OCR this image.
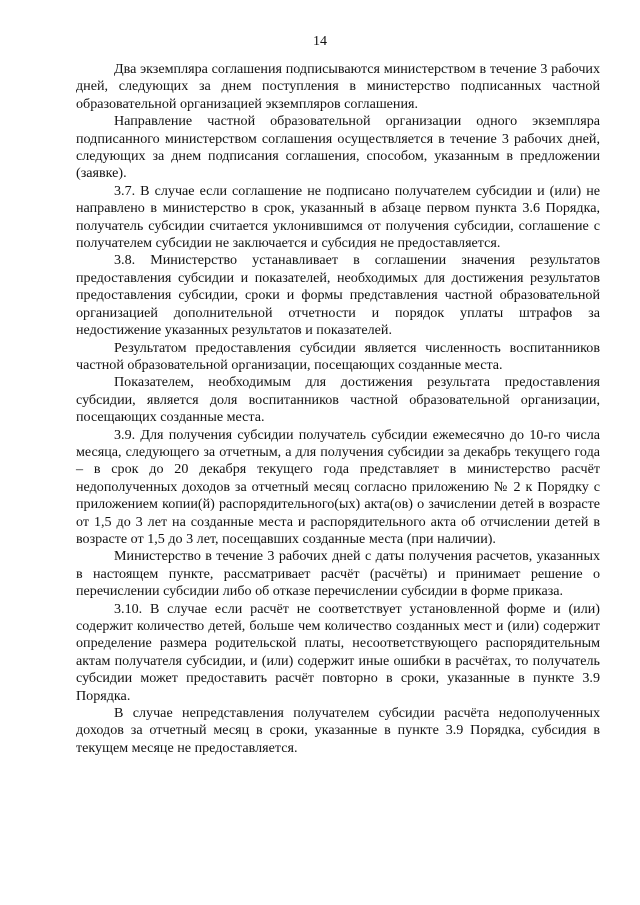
14

Два экземпляра соглашения подписываются министерством в течение 3 рабочих дней, следующих за днем поступления в министерство подписанных частной образовательной организацией экземпляров соглашения.

Направление частной образовательной организации одного экземпляра подписанного министерством соглашения осуществляется в течение 3 рабочих дней, следующих за днем подписания соглашения, способом, указанным в предложении (заявке).

3.7. В случае если соглашение не подписано получателем субсидии и (или) не направлено в министерство в срок, указанный в абзаце первом пункта 3.6 Порядка, получатель субсидии считается уклонившимся от получения субсидии, соглашение с получателем субсидии не заключается и субсидия не предоставляется.

3.8. Министерство устанавливает в соглашении значения результатов предоставления субсидии и показателей, необходимых для достижения результатов предоставления субсидии, сроки и формы представления частной образовательной организацией дополнительной отчетности и порядок уплаты штрафов за недостижение указанных результатов и показателей.

Результатом предоставления субсидии является численность воспитанников частной образовательной организации, посещающих созданные места.

Показателем, необходимым для достижения результата предоставления субсидии, является доля воспитанников частной образовательной организации, посещающих созданные места.

3.9. Для получения субсидии получатель субсидии ежемесячно до 10-го числа месяца, следующего за отчетным, а для получения субсидии за декабрь текущего года – в срок до 20 декабря текущего года представляет в министерство расчёт недополученных доходов за отчетный месяц согласно приложению № 2 к Порядку с приложением копии(й) распорядительного(ых) акта(ов) о зачислении детей в возрасте от 1,5 до 3 лет на созданные места и распорядительного акта об отчислении детей в возрасте от 1,5 до 3 лет, посещавших созданные места (при наличии).

Министерство в течение 3 рабочих дней с даты получения расчетов, указанных в настоящем пункте, рассматривает расчёт (расчёты) и принимает решение о перечислении субсидии либо об отказе перечислении субсидии в форме приказа.

3.10. В случае если расчёт не соответствует установленной форме и (или) содержит количество детей, больше чем количество созданных мест и (или) содержит определение размера родительской платы, несоответствующего распорядительным актам получателя субсидии, и (или) содержит иные ошибки в расчётах, то получатель субсидии может предоставить расчёт повторно в сроки, указанные в пункте 3.9 Порядка.

В случае непредставления получателем субсидии расчёта недополученных доходов за отчетный месяц в сроки, указанные в пункте 3.9 Порядка, субсидия в текущем месяце не предоставляется.
